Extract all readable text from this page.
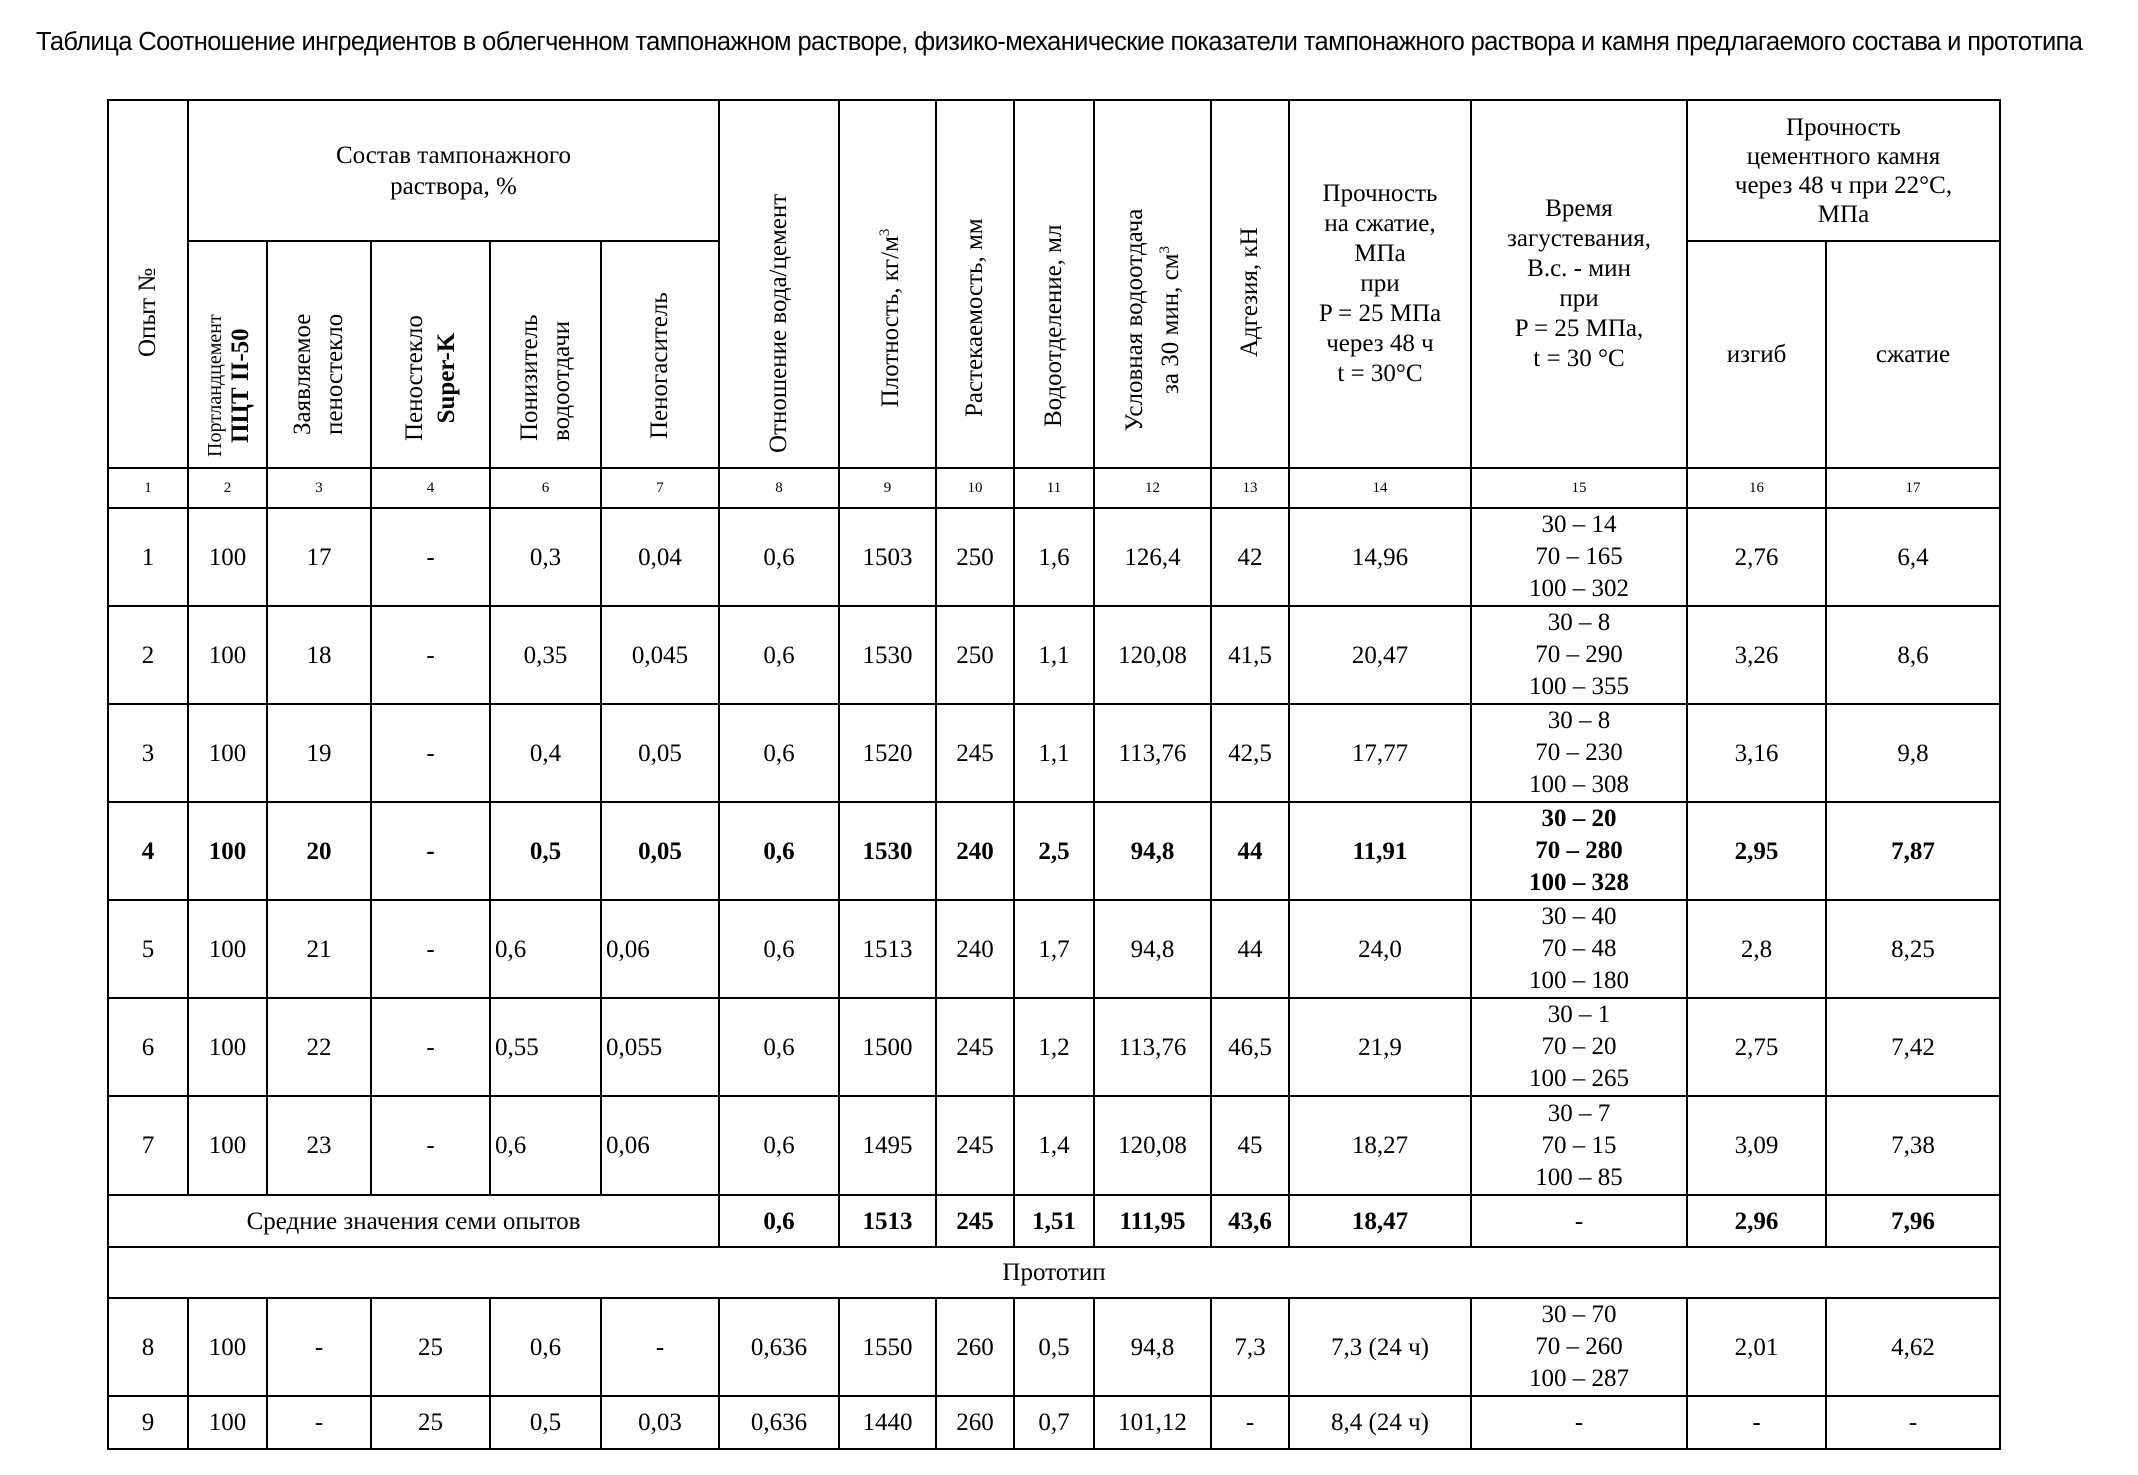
Таблица Соотношение ингредиентов в облегченном тампонажном растворе, физико-механические показатели тампонажного раствора и камня предлагаемого состава и прототипа
Опыт №

Состав тампонажного раствора, %

Отношение вода/цемент	Плотность, кг/м3	Растекаемость, мм	Водоотделение, мл	Условная водоотдача за 30 мин, см3	Адгезия, кН

Прочность
на сжатие,
МПа
при
P = 25 МПа
через 48 ч
t = 30°C

Время
загустевания,
В.с. - мин
при
P = 25 МПа,
t = 30 °C

Прочность
цементного камня
через 48 ч при 22°C,
МПа

Портландцемент ПЦТ II-50	Заявляемое пеностекло	Пеностекло Super-K	Понизитель водоотдачи	Пеногаситель	изгиб	сжатие
1	2	3	4	6	7	8	9	10	11	12	13	14	15	16	17
1	100	17	-	0,3	0,04	0,6	1503	250	1,6	126,4	42	14,96	
30 – 14
70 – 165
100 – 302
	2,76	6,4
2	100	18	-	0,35	0,045	0,6	1530	250	1,1	120,08	41,5	20,47	
30 – 8
70 – 290
100 – 355
	3,26	8,6
3	100	19	-	0,4	0,05	0,6	1520	245	1,1	113,76	42,5	17,77	
30 – 8
70 – 230
100 – 308
	3,16	9,8
4	100	20	-	0,5	0,05	0,6	1530	240	2,5	94,8	44	11,91	
30 – 20
70 – 280
100 – 328
	2,95	7,87
5	100	21	-	0,6	0,06	0,6	1513	240	1,7	94,8	44	24,0	
30 – 40
70 – 48
100 – 180
	2,8	8,25
6	100	22	-	0,55	0,055	0,6	1500	245	1,2	113,76	46,5	21,9	
30 – 1
70 – 20
100 – 265
	2,75	7,42
7	100	23	-	0,6	0,06	0,6	1495	245	1,4	120,08	45	18,27	
30 – 7
70 – 15
100 – 85
	3,09	7,38
Средние значения семи опытов	0,6	1513	245	1,51	111,95	43,6	18,47	-	2,96	7,96
Прототип
8	100	-	25	0,6	-	0,636	1550	260	0,5	94,8	7,3	7,3 (24 ч)	
30 – 70
70 – 260
100 – 287
	2,01	4,62
9	100	-	25	0,5	0,03	0,636	1440	260	0,7	101,12	-	8,4 (24 ч)	-	-	-
